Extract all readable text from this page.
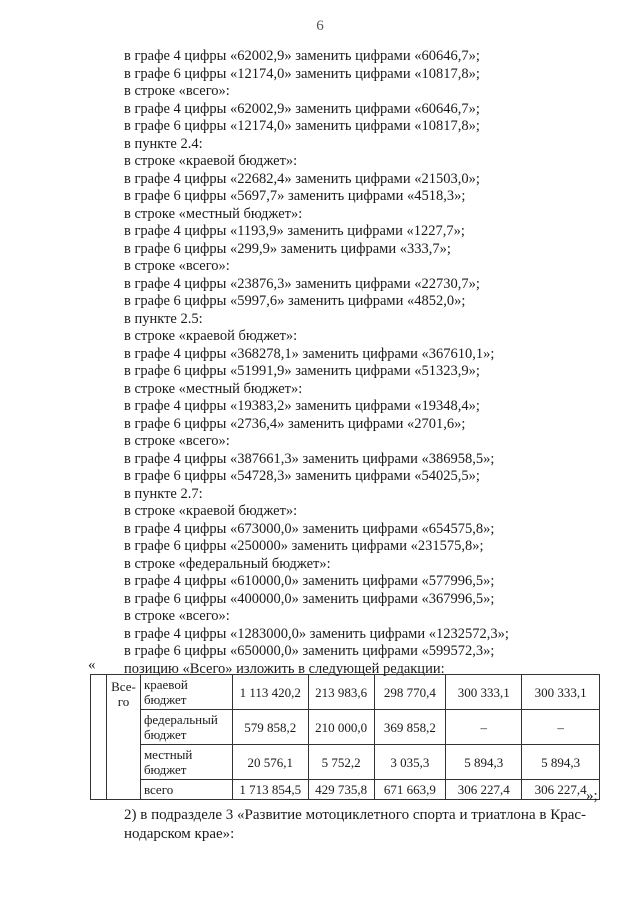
6
в графе 4 цифры «62002,9» заменить цифрами «60646,7»;
в графе 6 цифры «12174,0» заменить цифрами «10817,8»;
в строке «всего»:
в графе 4 цифры «62002,9» заменить цифрами «60646,7»;
в графе 6 цифры «12174,0» заменить цифрами «10817,8»;
в пункте 2.4:
в строке «краевой бюджет»:
в графе 4 цифры «22682,4» заменить цифрами «21503,0»;
в графе 6 цифры «5697,7» заменить цифрами «4518,3»;
в строке «местный бюджет»:
в графе 4 цифры «1193,9» заменить цифрами «1227,7»;
в графе 6 цифры «299,9» заменить цифрами «333,7»;
в строке «всего»:
в графе 4 цифры «23876,3» заменить цифрами «22730,7»;
в графе 6 цифры «5997,6» заменить цифрами «4852,0»;
в пункте 2.5:
в строке «краевой бюджет»:
в графе 4 цифры «368278,1» заменить цифрами «367610,1»;
в графе 6 цифры «51991,9» заменить цифрами «51323,9»;
в строке «местный бюджет»:
в графе 4 цифры «19383,2» заменить цифрами «19348,4»;
в графе 6 цифры «2736,4» заменить цифрами «2701,6»;
в строке «всего»:
в графе 4 цифры «387661,3» заменить цифрами «386958,5»;
в графе 6 цифры «54728,3» заменить цифрами «54025,5»;
в пункте 2.7:
в строке «краевой бюджет»:
в графе 4 цифры «673000,0» заменить цифрами «654575,8»;
в графе 6 цифры «250000» заменить цифрами «231575,8»;
в строке «федеральный бюджет»:
в графе 4 цифры «610000,0» заменить цифрами «577996,5»;
в графе 6 цифры «400000,0» заменить цифрами «367996,5»;
в строке «всего»:
в графе 4 цифры «1283000,0» заменить цифрами «1232572,3»;
в графе 6 цифры «650000,0» заменить цифрами «599572,3»;
позицию «Всего» изложить в следующей редакции:
«
	Все-го	краевой бюджет	1 113 420,2	213 983,6	298 770,4	300 333,1	300 333,1
		федеральный бюджет	579 858,2	210 000,0	369 858,2	–	–
		местный бюджет	20 576,1	5 752,2	3 035,3	5 894,3	5 894,3
		всего	1 713 854,5	429 735,8	671 663,9	306 227,4	306 227,4 »;
2) в подразделе 3 «Развитие мотоциклетного спорта и триатлона в Крас-
нодарском крае»:
